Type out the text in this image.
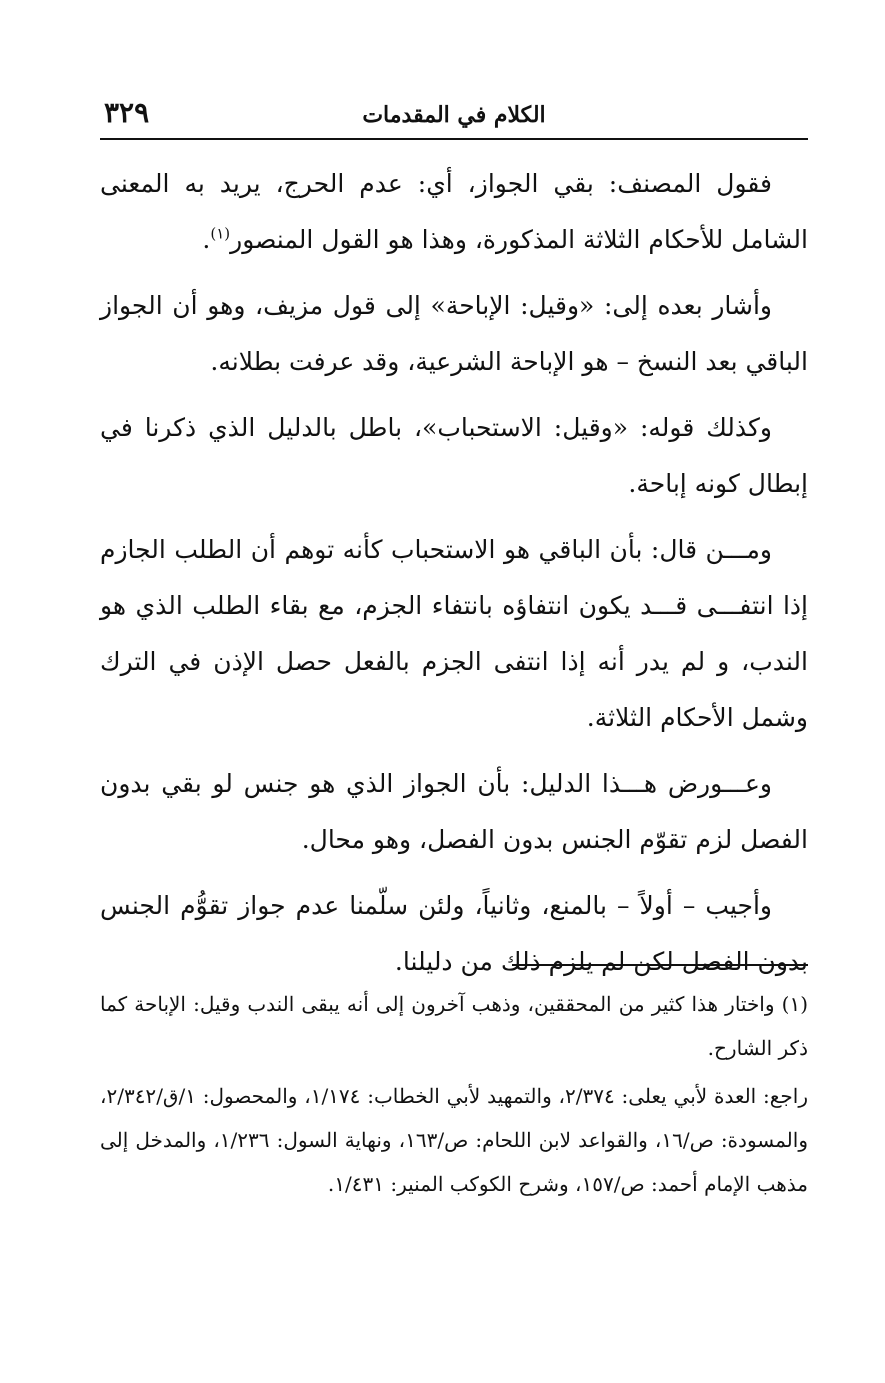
الكلام في المقدمات
٣٢٩

فقول المصنف: بقي الجواز، أي: عدم الحرج، يريد به المعنى الشامل للأحكام الثلاثة المذكورة، وهذا هو القول المنصور$^{(١)}$.

وأشار بعده إلى: «وقيل: الإباحة» إلى قول مزيف، وهو أن الجواز الباقي بعد النسخ – هو الإباحة الشرعية، وقد عرفت بطلانه.

وكذلك قوله: «وقيل: الاستحباب»، باطل بالدليل الذي ذكرنا في إبطال كونه إباحة.

ومـــن قال: بأن الباقي هو الاستحباب كأنه توهم أن الطلب الجازم إذا انتفـــى قـــد يكون انتفاؤه بانتفاء الجزم، مع بقاء الطلب الذي هو الندب، و لم يدر أنه إذا انتفى الجزم بالفعل حصل الإذن في الترك وشمل الأحكام الثلاثة.

وعـــورض هـــذا الدليل: بأن الجواز الذي هو جنس لو بقي بدون الفصل لزم تقوّم الجنس بدون الفصل، وهو محال.

وأجيب – أولاً – بالمنع، وثانياً، ولئن سلّمنا عدم جواز تقوُّم الجنس بدون الفصل لكن لم يلزم ذلك من دليلنا.

(١) واختار هذا كثير من المحققين، وذهب آخرون إلى أنه يبقى الندب وقيل: الإباحة كما ذكر الشارح.

راجع: العدة لأبي يعلى: ٢/٣٧٤، والتمهيد لأبي الخطاب: ١/١٧٤، والمحصول: ١/ق/٢/٣٤٢، والمسودة: ص/١٦، والقواعد لابن اللحام: ص/١٦٣، ونهاية السول: ١/٢٣٦، والمدخل إلى مذهب الإمام أحمد: ص/١٥٧، وشرح الكوكب المنير: ١/٤٣١.
